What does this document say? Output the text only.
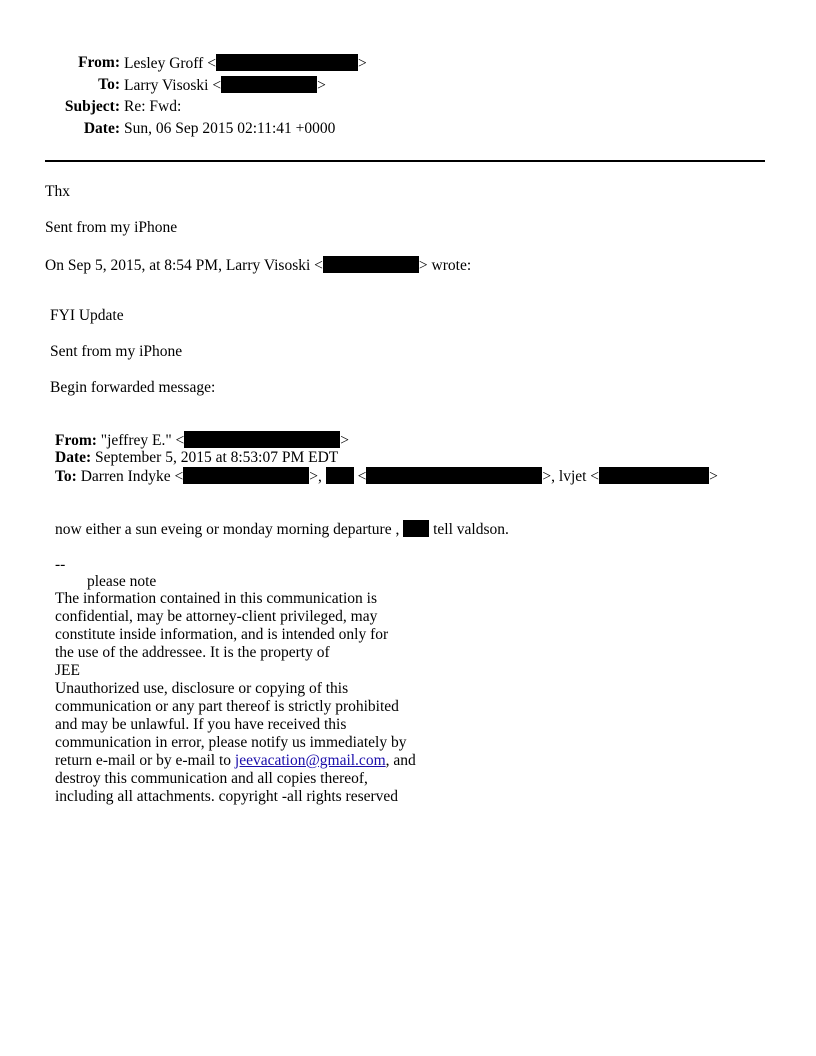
From: Lesley Groff <	>
To: Larry Visoski <	>
Subject: Re: Fwd:
Date: Sun, 06 Sep 2015 02:11:41 +0000
Thx
Sent from my iPhone
On Sep 5, 2015, at 8:54 PM, Larry Visoski <	> wrote:
FYI Update
Sent from my iPhone
Begin forwarded message:
From: "jeffrey E." <	>
Date: September 5, 2015 at 8:53:07 PM EDT
To: Darren Indyke <	>,  <	>, lvjet <	>
now either a sun eveing or monday morning departure ,  tell valdson.
--
please note
The information contained in this communication is
confidential, may be attorney-client privileged, may
constitute inside information, and is intended only for
the use of the addressee. It is the property of
JEE
Unauthorized use, disclosure or copying of this
communication or any part thereof is strictly prohibited
and may be unlawful. If you have received this
communication in error, please notify us immediately by
return e-mail or by e-mail to jeevacation@gmail.com, and
destroy this communication and all copies thereof,
including all attachments. copyright -all rights reserved
